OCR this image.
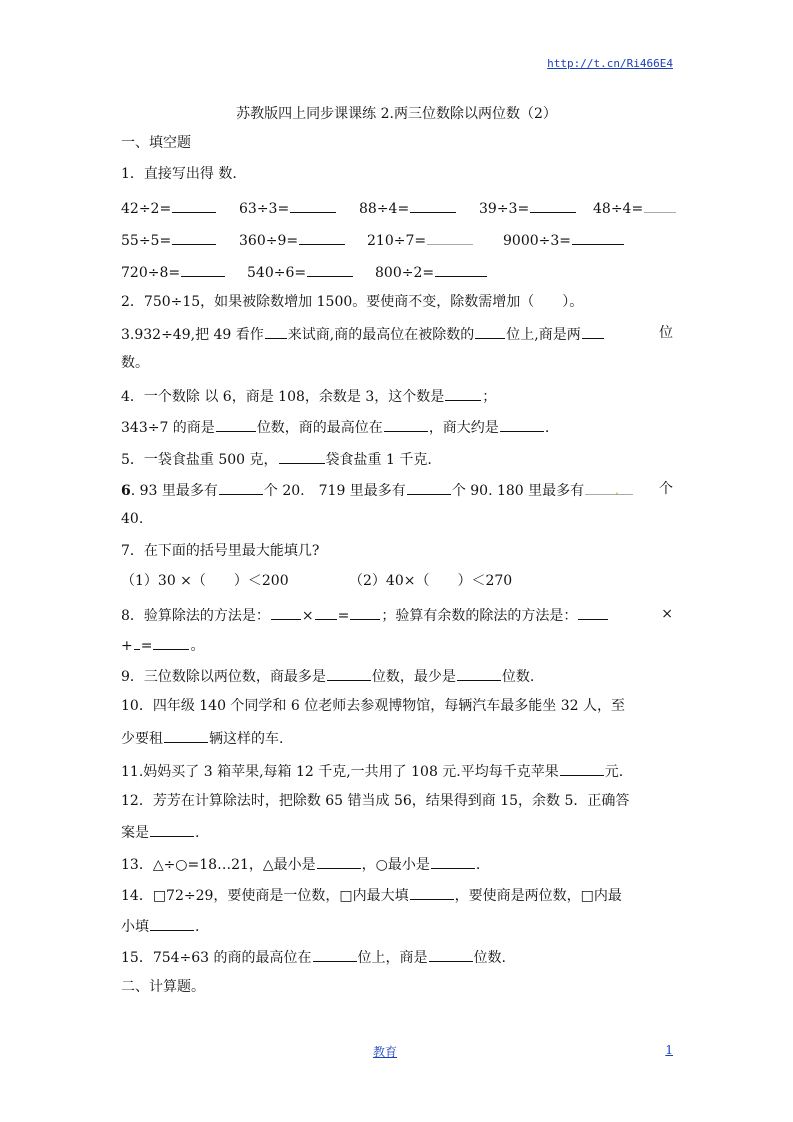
http://t.cn/Ri466E4
苏教版四上同步课课练 2.两三位数除以两位数（2）
一、填空题
1．直接写出得 数.
42÷2=	63÷3=	88÷4=	39÷3=	48÷4=
55÷5=	360÷9=	210÷7=	9000÷3=
720÷8=	540÷6=	800÷2=
2．750÷15，如果被除数增加 1500。要使商不变，除数需增加（　　）。
3.932÷49,把 49 看作 来试商,商的最高位在被除数的 位上,商是两	位
数。
4．一个数除 以 6，商是 108，余数是 3，这个数是	；
343÷7 的商是	位数，商的最高位在	，商大约是	.
5．一袋食盐重 500 克，	袋食盐重 1 千克.
6. 93 里最多有	个 20.　719 里最多有	个 90. 180 里最多有	.	个
40.
7．在下面的括号里最大能填几?
（1）30 ×（　　）＜200	（2）40×（　　）＜270
8．验算除法的方法是： × = ；验算有余数的除法的方法是：	×
+ =	。
9．三位数除以两位数，商最多是	位数，最少是	位数.
10．四年级 140 个同学和 6 位老师去参观博物馆，每辆汽车最多能坐 32 人，至
少要租	辆这样的车.
11.妈妈买了 3 箱苹果,每箱 12 千克,一共用了 108 元.平均每千克苹果	元.
12．芳芳在计算除法时，把除数 65 错当成 56，结果得到商 15，余数 5．正确答
案是	.
13．△÷○=18…21，△最小是	，○最小是	.
14．□72÷29，要使商是一位数，□内最大填	，要使商是两位数，□内最
小填	.
15．754÷63 的商的最高位在	位上，商是	位数.
二、计算题。
教育	1
